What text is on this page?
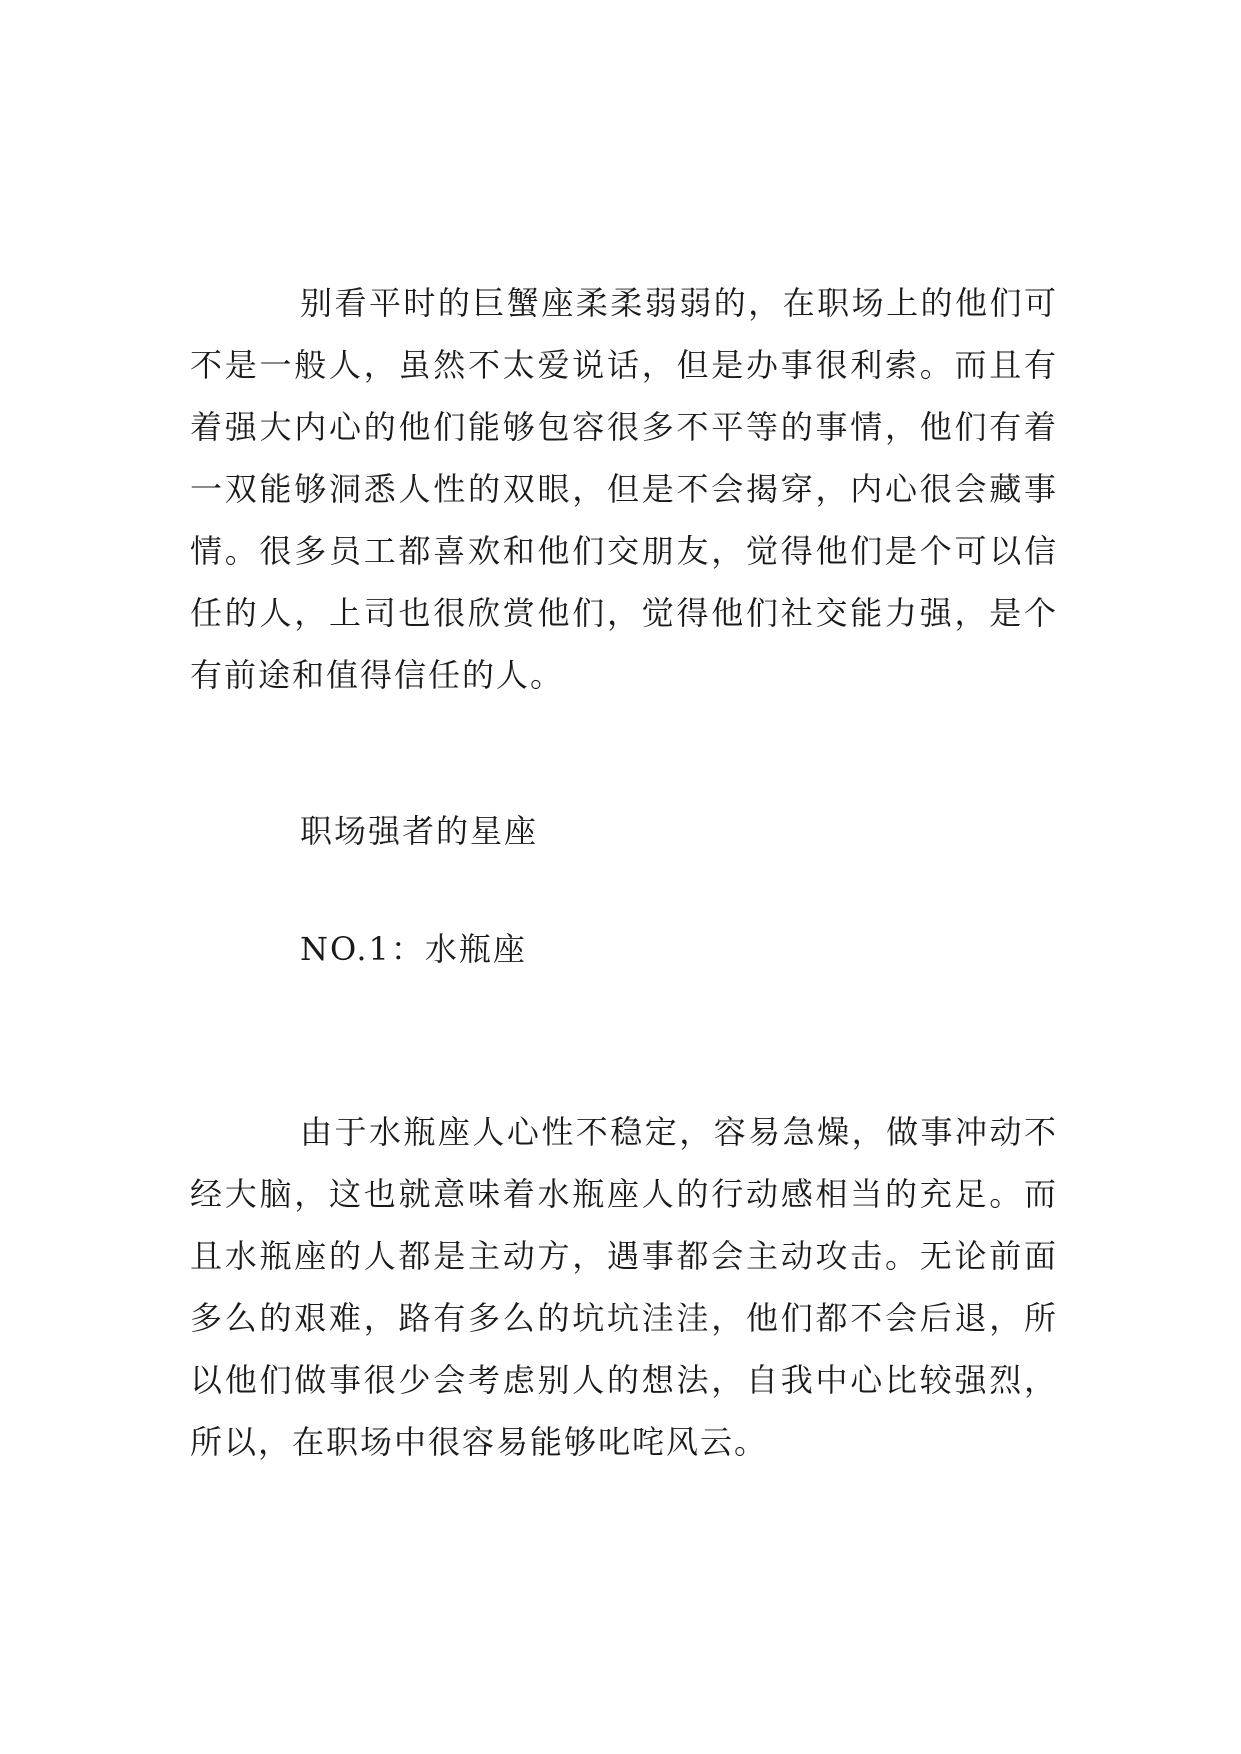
别看平时的巨蟹座柔柔弱弱的，在职场上的他们可不是一般人，虽然不太爱说话，但是办事很利索。而且有着强大内心的他们能够包容很多不平等的事情，他们有着一双能够洞悉人性的双眼，但是不会揭穿，内心很会藏事情。很多员工都喜欢和他们交朋友，觉得他们是个可以信任的人，上司也很欣赏他们，觉得他们社交能力强，是个有前途和值得信任的人。

职场强者的星座

NO.1：水瓶座

由于水瓶座人心性不稳定，容易急燥，做事冲动不经大脑，这也就意味着水瓶座人的行动感相当的充足。而且水瓶座的人都是主动方，遇事都会主动攻击。无论前面多么的艰难，路有多么的坑坑洼洼，他们都不会后退，所以他们做事很少会考虑别人的想法，自我中心比较强烈，所以，在职场中很容易能够叱咤风云。
